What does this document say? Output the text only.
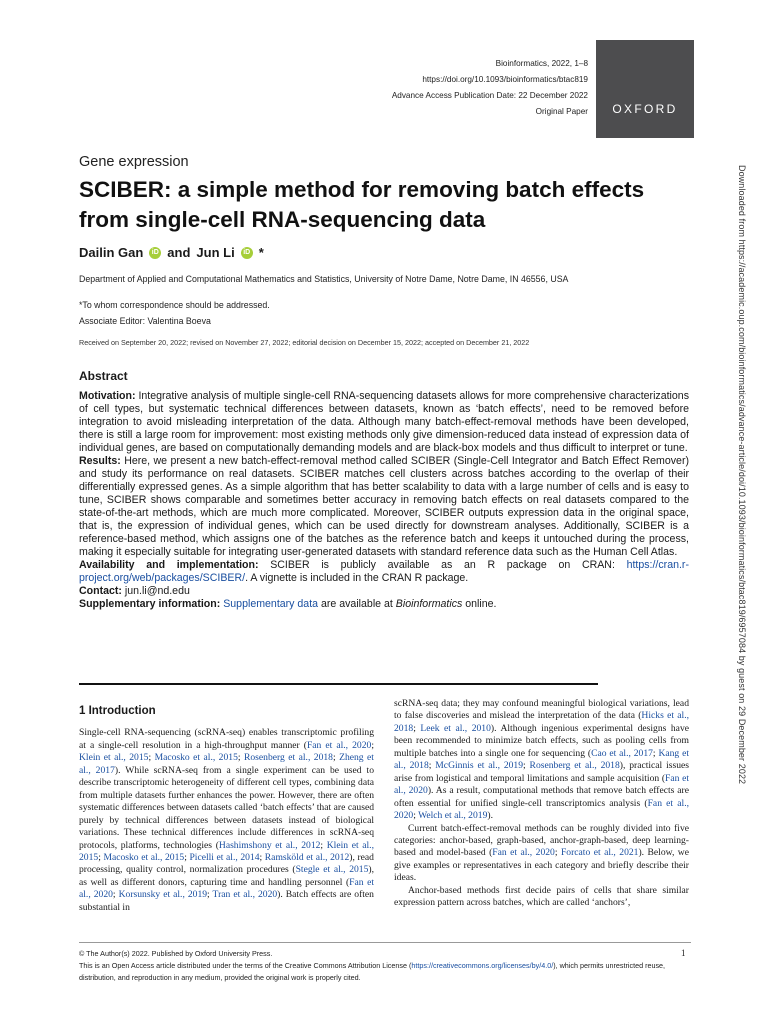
Bioinformatics, 2022, 1–8
https://doi.org/10.1093/bioinformatics/btac819
Advance Access Publication Date: 22 December 2022
Original Paper OXFORD
Downloaded from https://academic.oup.com/bioinformatics/advance-article/doi/10.1093/bioinformatics/btac819/6957084 by guest on 29 December 2022
Gene expression
SCIBER: a simple method for removing batch effects from single-cell RNA-sequencing data
Dailin Gan	iD and Jun Li	iD *
Department of Applied and Computational Mathematics and Statistics, University of Notre Dame, Notre Dame, IN 46556, USA
*To whom correspondence should be addressed.
Associate Editor: Valentina Boeva
Received on September 20, 2022; revised on November 27, 2022; editorial decision on December 15, 2022; accepted on December 21, 2022
Abstract

Motivation: Integrative analysis of multiple single-cell RNA-sequencing datasets allows for more comprehensive characterizations of cell types, but systematic technical differences between datasets, known as ‘batch effects’, need to be removed before integration to avoid misleading interpretation of the data. Although many batch-effect-removal methods have been developed, there is still a large room for improvement: most existing methods only give dimension-reduced data instead of expression data of individual genes, are based on computationally demanding models and are black-box models and thus difficult to interpret or tune.

Results: Here, we present a new batch-effect-removal method called SCIBER (Single-Cell Integrator and Batch Effect Remover) and study its performance on real datasets. SCIBER matches cell clusters across batches according to the overlap of their differentially expressed genes. As a simple algorithm that has better scalability to data with a large number of cells and is easy to tune, SCIBER shows comparable and sometimes better accuracy in removing batch effects on real datasets compared to the state-of-the-art methods, which are much more complicated. Moreover, SCIBER outputs expression data in the original space, that is, the expression of individual genes, which can be used directly for downstream analyses. Additionally, SCIBER is a reference-based method, which assigns one of the batches as the reference batch and keeps it untouched during the process, making it especially suitable for integrating user-generated datasets with standard reference data such as the Human Cell Atlas.

Availability and implementation: SCIBER is publicly available as an R package on CRAN: https://cran.r-project.org/web/packages/SCIBER/. A vignette is included in the CRAN R package.

Contact: jun.li@nd.edu

Supplementary information: Supplementary data are available at Bioinformatics online.

1 Introduction

Single-cell RNA-sequencing (scRNA-seq) enables transcriptomic profiling at a single-cell resolution in a high-throughput manner (Fan et al., 2020; Klein et al., 2015; Macosko et al., 2015; Rosenberg et al., 2018; Zheng et al., 2017). While scRNA-seq from a single experiment can be used to describe transcriptomic heterogeneity of different cell types, combining data from multiple datasets further enhances the power. However, there are often systematic differences between datasets called ‘batch effects’ that are caused purely by technical differences between datasets instead of biological variations. These technical differences include differences in scRNA-seq protocols, platforms, technologies (Hashimshony et al., 2012; Klein et al., 2015; Macosko et al., 2015; Picelli et al., 2014; Ramsköld et al., 2012), read processing, quality control, normalization procedures (Stegle et al., 2015), as well as different donors, capturing time and handling personnel (Fan et al., 2020; Korsunsky et al., 2019; Tran et al., 2020). Batch effects are often substantial in

scRNA-seq data; they may confound meaningful biological variations, lead to false discoveries and mislead the interpretation of the data (Hicks et al., 2018; Leek et al., 2010). Although ingenious experimental designs have been recommended to minimize batch effects, such as pooling cells from multiple batches into a single one for sequencing (Cao et al., 2017; Kang et al., 2018; McGinnis et al., 2019; Rosenberg et al., 2018), practical issues arise from logistical and temporal limitations and sample acquisition (Fan et al., 2020). As a result, computational methods that remove batch effects are often essential for unified single-cell transcriptomics analysis (Fan et al., 2020; Welch et al., 2019).

Current batch-effect-removal methods can be roughly divided into five categories: anchor-based, graph-based, anchor-graph-based, deep learning-based and model-based (Fan et al., 2020; Forcato et al., 2021). Below, we give examples or representatives in each category and briefly describe their ideas.

Anchor-based methods first decide pairs of cells that share similar expression pattern across batches, which are called ‘anchors’,

© The Author(s) 2022. Published by Oxford University Press.
This is an Open Access article distributed under the terms of the Creative Commons Attribution License (https://creativecommons.org/licenses/by/4.0/), which permits unrestricted reuse, distribution, and reproduction in any medium, provided the original work is properly cited.
1
